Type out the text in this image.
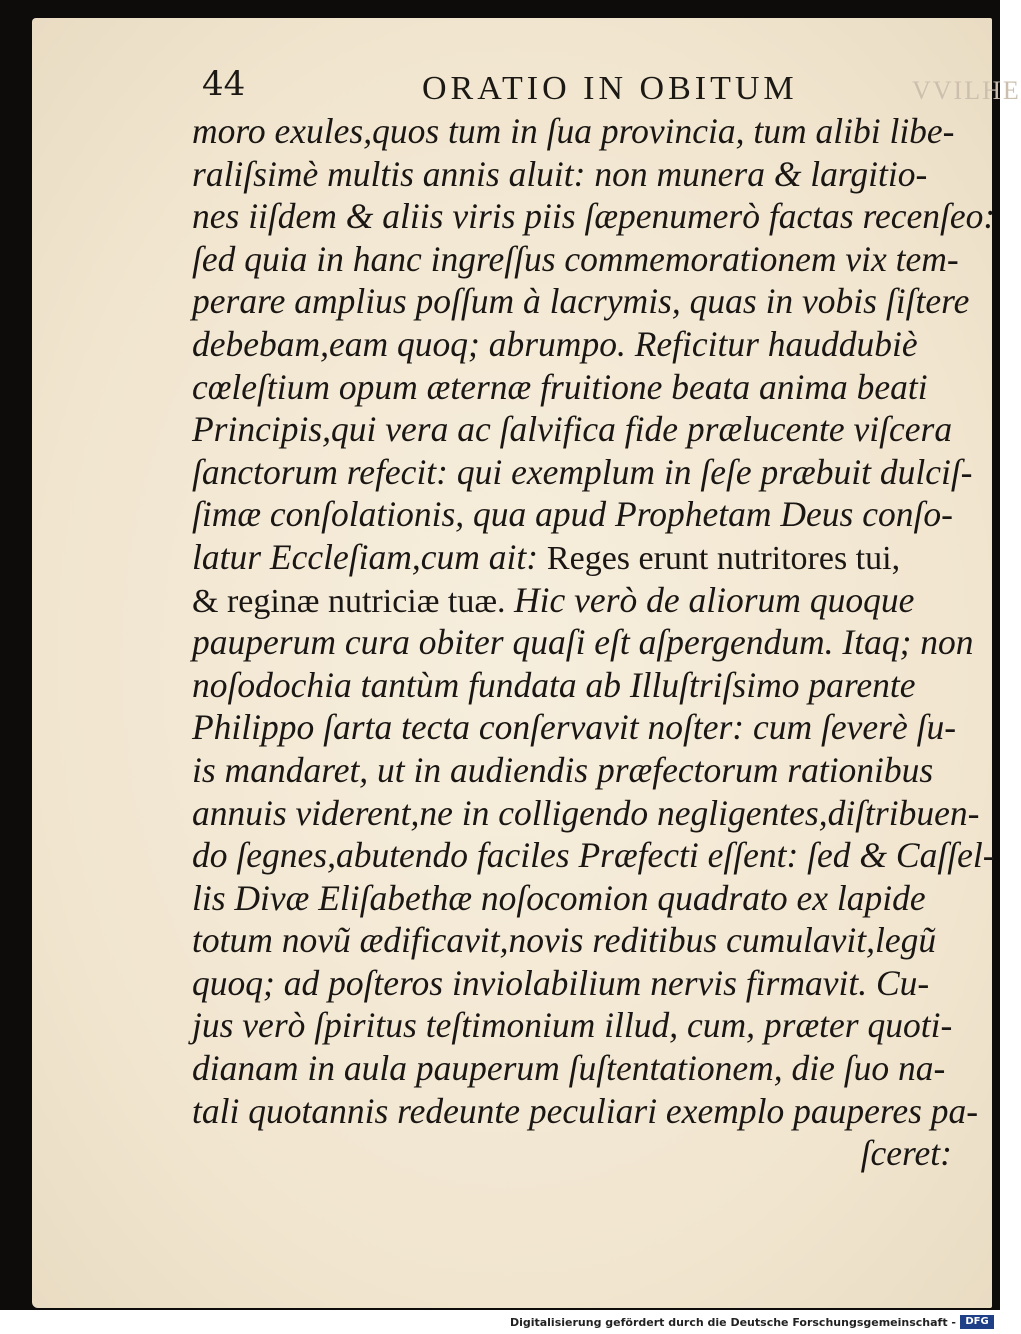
44	ORATIO IN OBITUM	VVILHE
moro exules,quos tum in ſua provincia, tum alibi libe-
raliſsimè multis annis aluit: non munera & largitio-
nes iiſdem & aliis viris piis ſæpenumerò factas recenſeo:
ſed quia in hanc ingreſſus commemorationem vix tem-
perare amplius poſſum à lacrymis, quas in vobis ſiſtere
debebam,eam quoq; abrumpo. Reficitur hauddubiè
cœleſtium opum æternæ fruitione beata anima beati
Principis,qui vera ac ſalvifica fide prælucente viſcera
ſanctorum refecit: qui exemplum in ſeſe præbuit dulciſ-
ſimæ conſolationis, qua apud Prophetam Deus conſo-
latur Eccleſiam,cum ait: Reges erunt nutritores tui,
& reginæ nutriciæ tuæ. Hic verò de aliorum quoque
pauperum cura obiter quaſi eſt aſpergendum. Itaq; non
noſodochia tantùm fundata ab Illuſtriſsimo parente
Philippo ſarta tecta conſervavit noſter: cum ſeverè ſu-
is mandaret, ut in audiendis præfectorum rationibus
annuis viderent,ne in colligendo negligentes,diſtribuen-
do ſegnes,abutendo faciles Præfecti eſſent: ſed & Caſſel-
lis Divæ Eliſabethæ noſocomion quadrato ex lapide
totum novũ ædificavit,novis reditibus cumulavit,legũ
quoq; ad poſteros inviolabilium nervis firmavit. Cu-
jus verò ſpiritus teſtimonium illud, cum, præter quoti-
dianam in aula pauperum ſuſtentationem, die ſuo na-
tali quotannis redeunte peculiari exemplo pauperes pa-
ſceret:
Digitalisierung gefördert durch die Deutsche Forschungsgemeinschaft - DFG
